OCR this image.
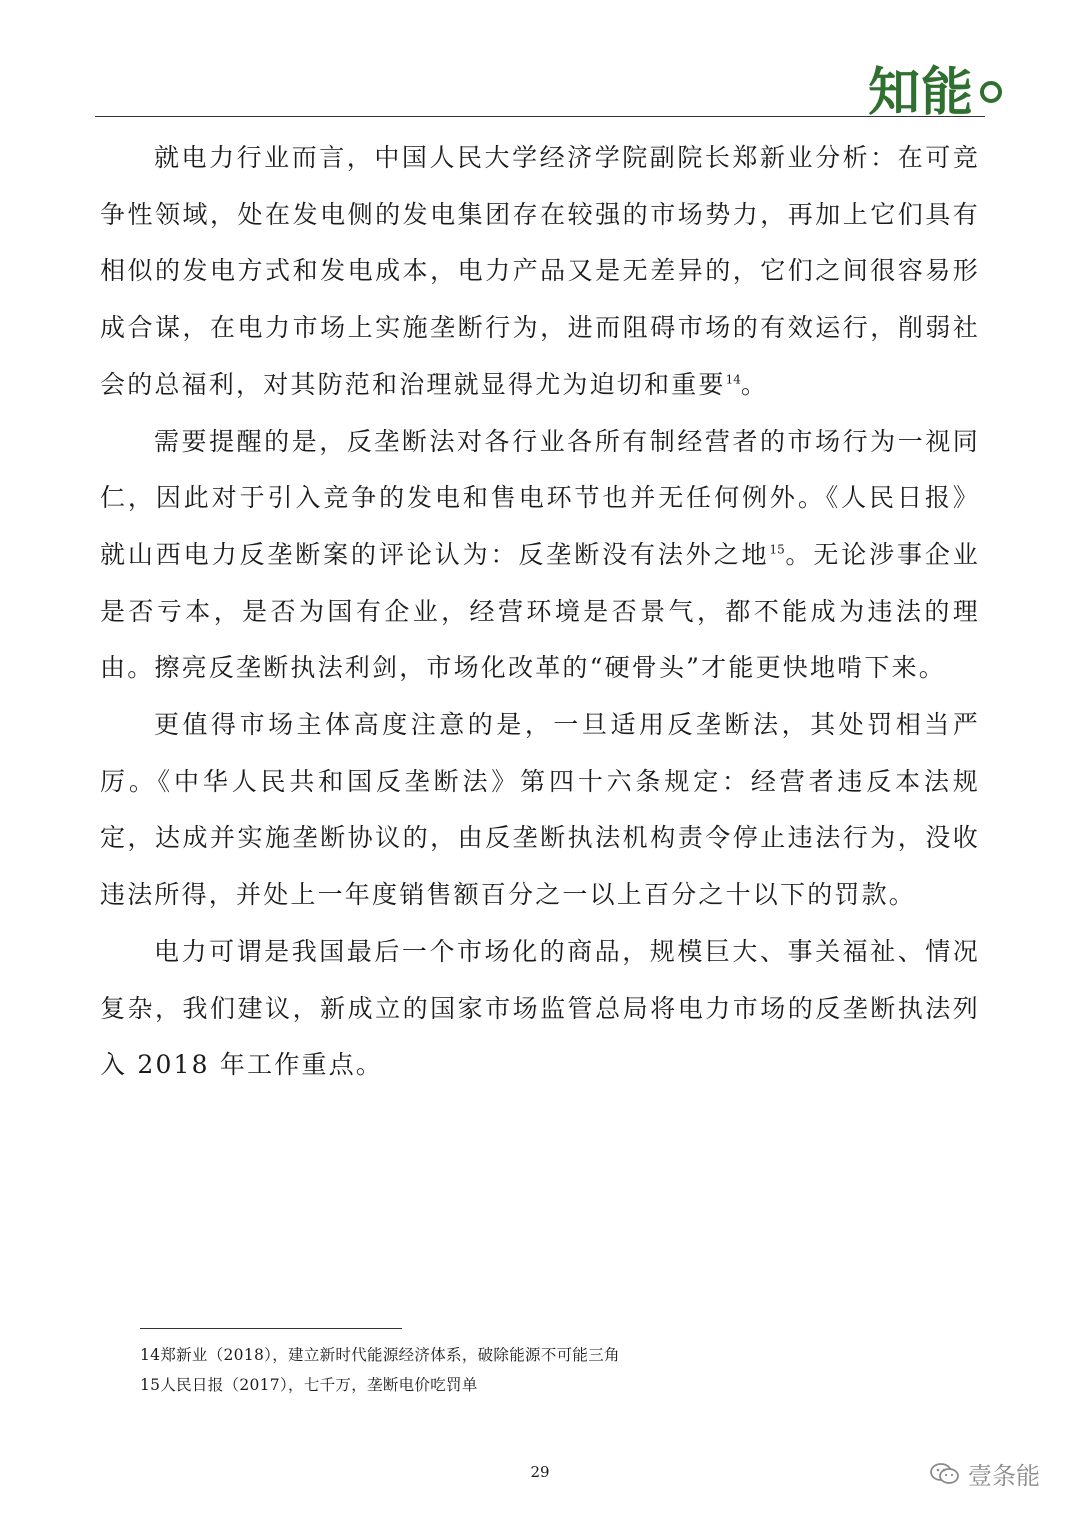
知能

就电力行业而言，中国人民大学经济学院副院长郑新业分析：在可竞争性领域，处在发电侧的发电集团存在较强的市场势力，再加上它们具有相似的发电方式和发电成本，电力产品又是无差异的，它们之间很容易形成合谋，在电力市场上实施垄断行为，进而阻碍市场的有效运行，削弱社会的总福利，对其防范和治理就显得尤为迫切和重要$^{14}$。

需要提醒的是，反垄断法对各行业各所有制经营者的市场行为一视同仁，因此对于引入竞争的发电和售电环节也并无任何例外。《人民日报》就山西电力反垄断案的评论认为：反垄断没有法外之地$^{15}$。无论涉事企业是否亏本，是否为国有企业，经营环境是否景气，都不能成为违法的理由。擦亮反垄断执法利剑，市场化改革的“硬骨头”才能更快地啃下来。

更值得市场主体高度注意的是，一旦适用反垄断法，其处罚相当严厉。《中华人民共和国反垄断法》第四十六条规定：经营者违反本法规定，达成并实施垄断协议的，由反垄断执法机构责令停止违法行为，没收违法所得，并处上一年度销售额百分之一以上百分之十以下的罚款。

电力可谓是我国最后一个市场化的商品，规模巨大、事关福祉、情况复杂，我们建议，新成立的国家市场监管总局将电力市场的反垄断执法列入 2018 年工作重点。

14郑新业（2018），建立新时代能源经济体系，破除能源不可能三角

15人民日报（2017），七千万，垄断电价吃罚单

29	壹条能
